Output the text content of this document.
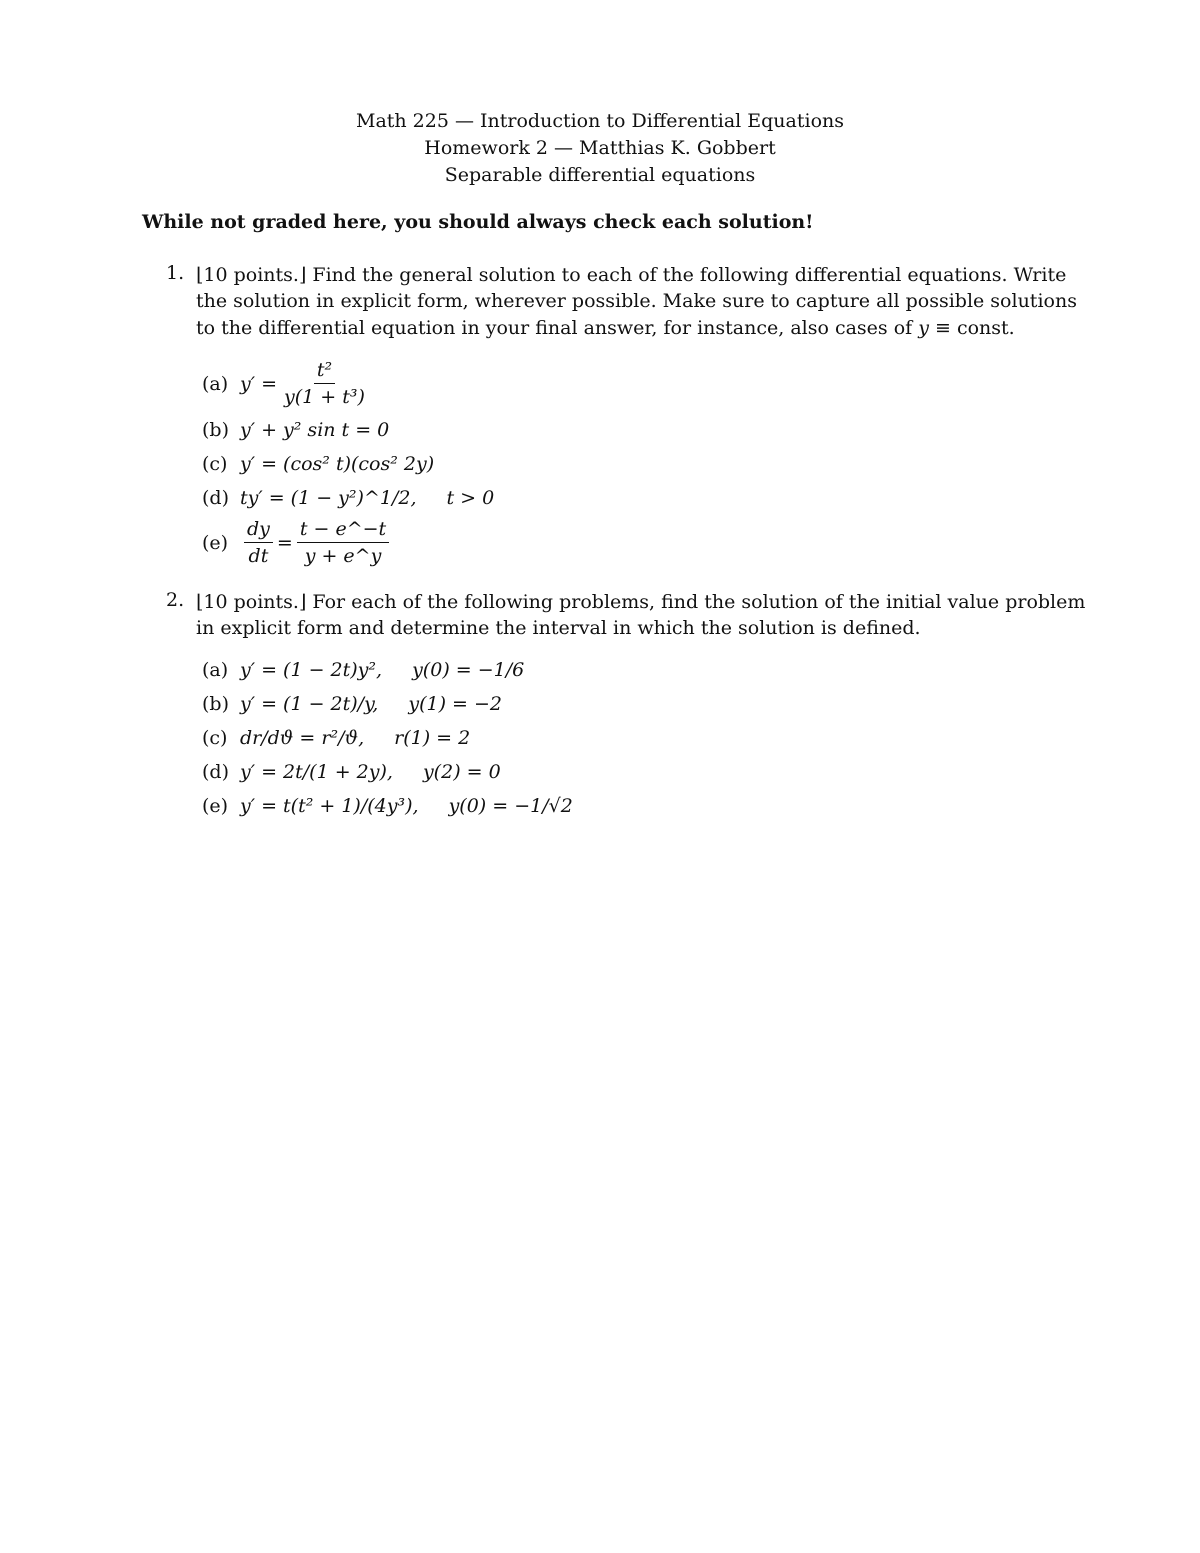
Math 225 — Introduction to Differential Equations
Homework 2 — Matthias K. Gobbert
Separable differential equations
While not graded here, you should always check each solution!
1. ⌊10 points.⌋ Find the general solution to each of the following differential equations. Write

the solution in explicit form, wherever possible. Make sure to capture all possible solutions

to the differential equation in your final answer, for instance, also cases of y ≡ const.

(a) $y' = \frac{\text{t²}}{\text{y(1 + t³)}}$
(b) y′ + y² sin t = 0
(c) y′ = (cos² t)(cos² 2y)
(d) ty′ = (1 − y²)^1/2, t > 0
$(e) \frac{dy}{dt} = \frac{t - e\^{}-t}{y + e\^{}y}$
2. ⌊10 points.⌋ For each of the following problems, find the solution of the initial value problem

in explicit form and determine the interval in which the solution is defined.

(a) y′ = (1 − 2t)y², y(0) = −1/6
(b) y′ = (1 − 2t)/y, y(1) = −2
(c) dr/dϑ = r²/ϑ, r(1) = 2
(d) y′ = 2t/(1 + 2y), y(2) = 0
(e) y′ = t(t² + 1)/(4y³), y(0) = −1/√2
